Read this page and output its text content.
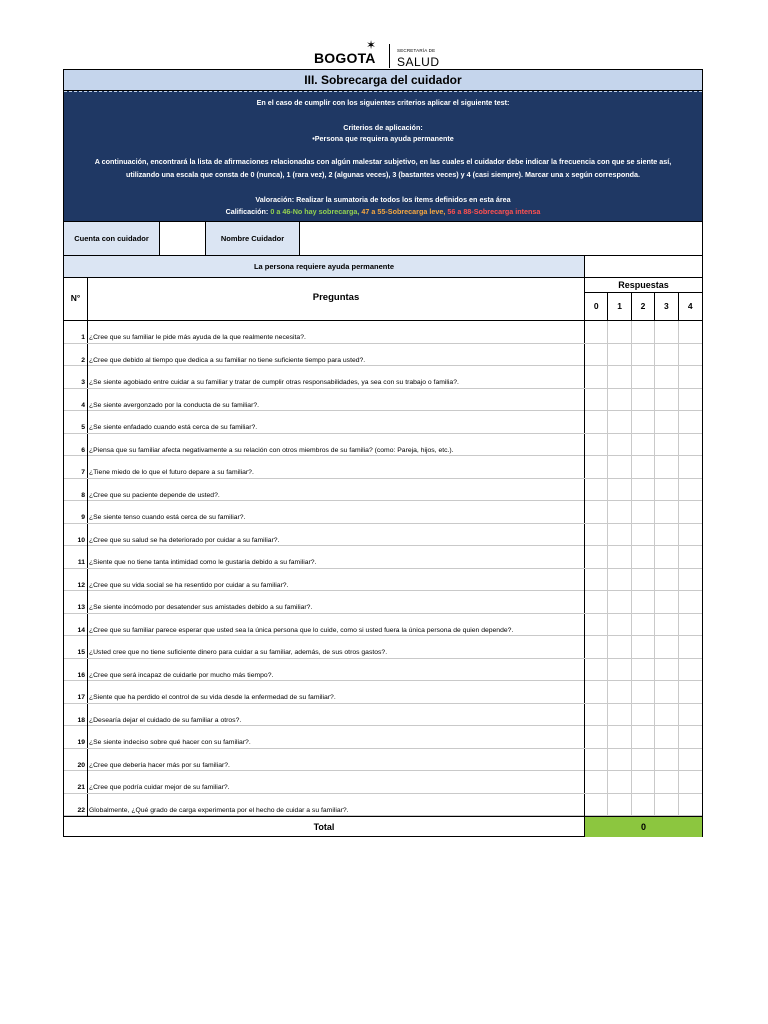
BOGOTA
✶	SECRETARÍA DE
SALUD
III. Sobrecarga del cuidador
En el caso de cumplir con los siguientes criterios aplicar el siguiente test:
Criterios de aplicación:
•Persona que requiera ayuda permanente
A continuación, encontrará la lista de afirmaciones relacionadas con algún malestar subjetivo, en las cuales el cuidador debe indicar la frecuencia con que se siente así,
utilizando una escala que consta de 0 (nunca), 1 (rara vez), 2 (algunas veces), 3 (bastantes veces) y 4 (casi siempre). Marcar una x según corresponda.
Valoración: Realizar la sumatoria de todos los ítems definidos en esta área
Calificación: 0 a 46-No hay sobrecarga, 47 a 55-Sobrecarga leve, 56 a 88-Sobrecarga intensa
Cuenta con cuidador	Nombre Cuidador
La persona requiere ayuda permanente
N°	Preguntas
Respuestas
0	1	2	3	4
1 ¿Cree que su familiar le pide más ayuda de la que realmente necesita?.
2 ¿Cree que debido al tiempo que dedica a su familiar no tiene suficiente tiempo para usted?.
3 ¿Se siente agobiado entre cuidar a su familiar y tratar de cumplir otras responsabilidades, ya sea con su trabajo o familia?.
4 ¿Se siente avergonzado por la conducta de su familiar?.
5 ¿Se siente enfadado cuando está cerca de su familiar?.
6 ¿Piensa que su familiar afecta negativamente a su relación con otros miembros de su familia? (como: Pareja, hijos, etc.).
7 ¿Tiene miedo de lo que el futuro depare a su familiar?.
8 ¿Cree que su paciente depende de usted?.
9 ¿Se siente tenso cuando está cerca de su familiar?.
10 ¿Cree que su salud se ha deteriorado por cuidar a su familiar?.
11 ¿Siente que no tiene tanta intimidad como le gustaría debido a su familiar?.
12 ¿Cree que su vida social se ha resentido por cuidar a su familiar?.
13 ¿Se siente incómodo por desatender sus amistades debido a su familiar?.
14 ¿Cree que su familiar parece esperar que usted sea la única persona que lo cuide, como si usted fuera la única persona de quien depende?.
15 ¿Usted cree que no tiene suficiente dinero para cuidar a su familiar, además, de sus otros gastos?.
16 ¿Cree que será incapaz de cuidarle por mucho más tiempo?.
17 ¿Siente que ha perdido el control de su vida desde la enfermedad de su familiar?.
18 ¿Desearía dejar el cuidado de su familiar a otros?.
19 ¿Se siente indeciso sobre qué hacer con su familiar?.
20 ¿Cree que debería hacer más por su familiar?.
21 ¿Cree que podría cuidar mejor de su familiar?.
22 Globalmente, ¿Qué grado de carga experimenta por el hecho de cuidar a su familiar?.
Total	0
